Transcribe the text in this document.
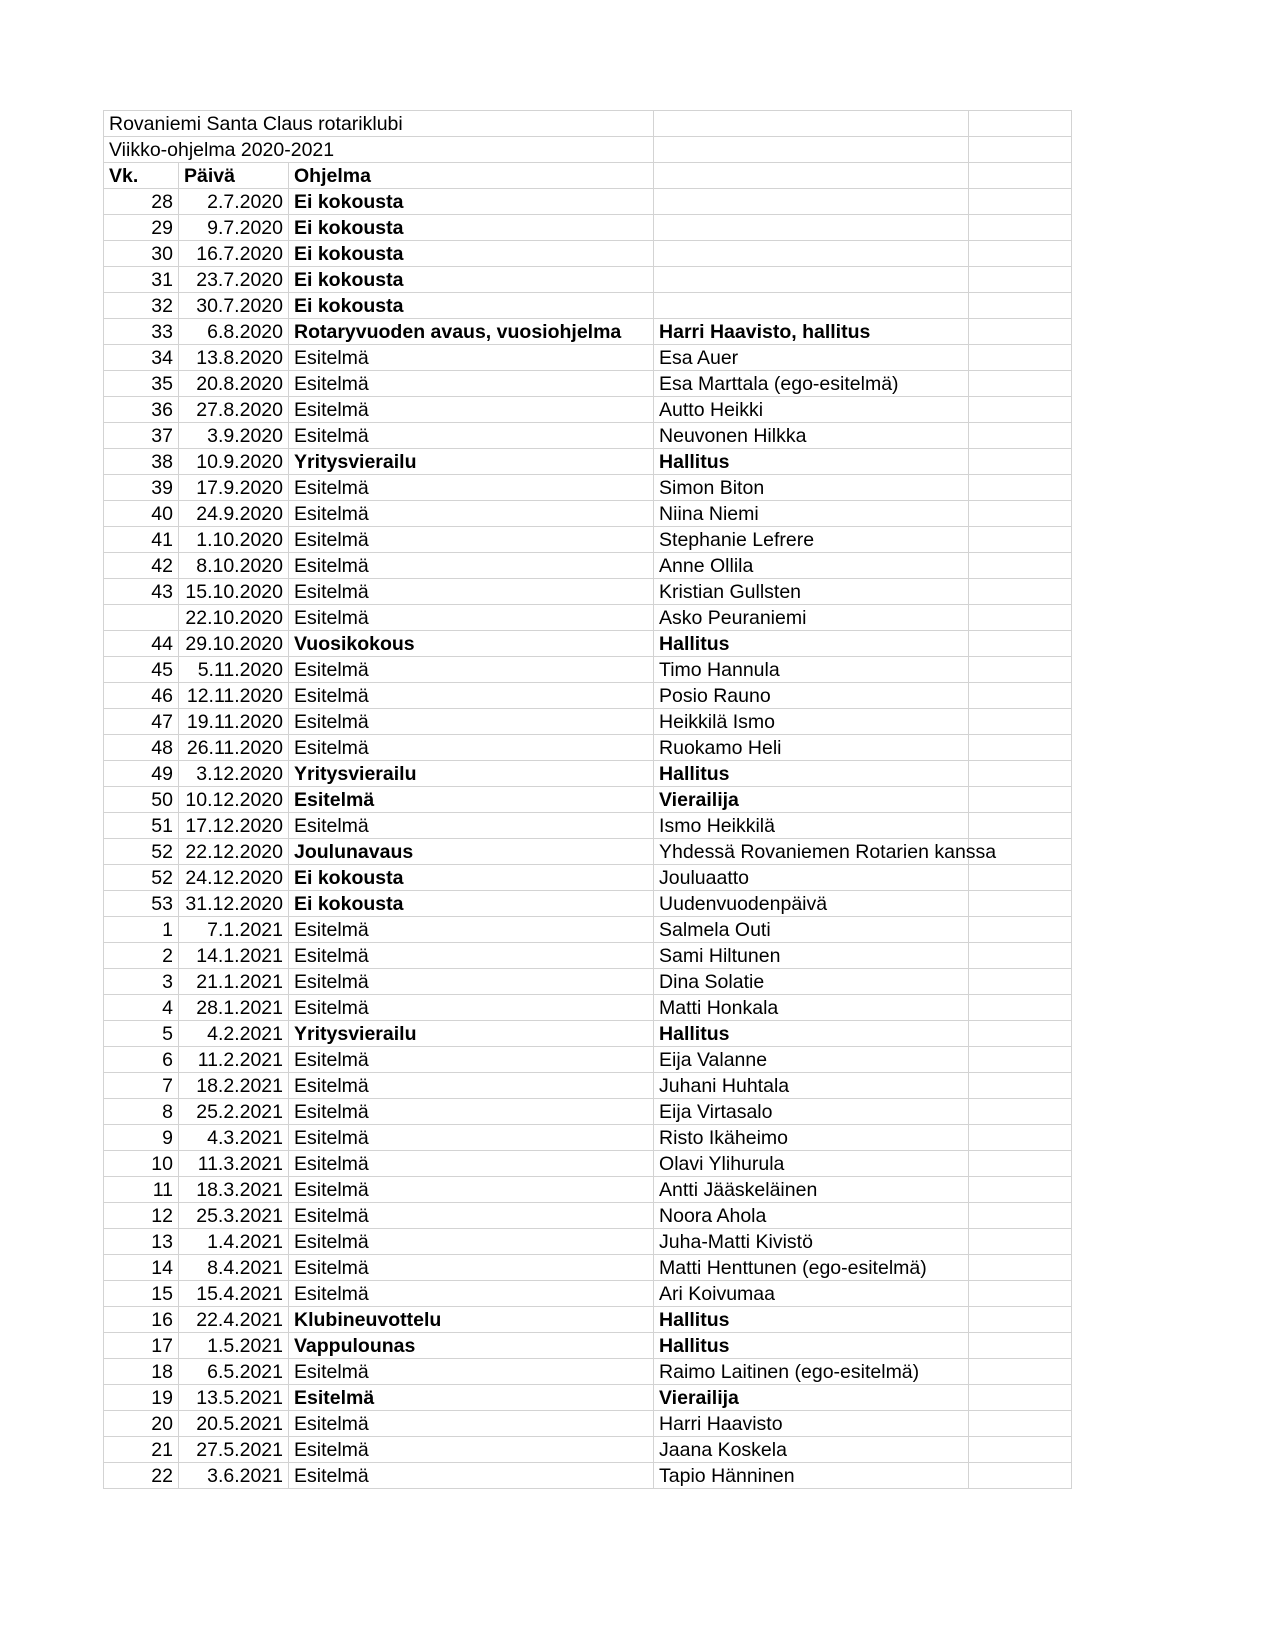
Rovaniemi Santa Claus rotariklubi				
Viikko-ohjelma 2020-2021				
Vk.	Päivä	Ohjelma		
28	2.7.2020	Ei kokousta		
29	9.7.2020	Ei kokousta		
30	16.7.2020	Ei kokousta		
31	23.7.2020	Ei kokousta		
32	30.7.2020	Ei kokousta		
33	6.8.2020	Rotaryvuoden avaus, vuosiohjelma	Harri Haavisto, hallitus	
34	13.8.2020	Esitelmä	Esa Auer	
35	20.8.2020	Esitelmä	Esa Marttala (ego-esitelmä)	
36	27.8.2020	Esitelmä	Autto Heikki	
37	3.9.2020	Esitelmä	Neuvonen Hilkka	
38	10.9.2020	Yritysvierailu	Hallitus	
39	17.9.2020	Esitelmä	Simon Biton	
40	24.9.2020	Esitelmä	Niina Niemi	
41	1.10.2020	Esitelmä	Stephanie Lefrere	
42	8.10.2020	Esitelmä	Anne Ollila	
43	15.10.2020	Esitelmä	Kristian Gullsten	
	22.10.2020	Esitelmä	Asko Peuraniemi	
44	29.10.2020	Vuosikokous	Hallitus	
45	5.11.2020	Esitelmä	Timo Hannula	
46	12.11.2020	Esitelmä	Posio Rauno	
47	19.11.2020	Esitelmä	Heikkilä Ismo	
48	26.11.2020	Esitelmä	Ruokamo Heli	
49	3.12.2020	Yritysvierailu	Hallitus	
50	10.12.2020	Esitelmä	Vierailija	
51	17.12.2020	Esitelmä	Ismo Heikkilä	
52	22.12.2020	Joulunavaus	Yhdessä Rovaniemen Rotarien kanssa	
52	24.12.2020	Ei kokousta	Jouluaatto	
53	31.12.2020	Ei kokousta	Uudenvuodenpäivä	
1	7.1.2021	Esitelmä	Salmela Outi	
2	14.1.2021	Esitelmä	Sami Hiltunen	
3	21.1.2021	Esitelmä	Dina Solatie	
4	28.1.2021	Esitelmä	Matti Honkala	
5	4.2.2021	Yritysvierailu	Hallitus	
6	11.2.2021	Esitelmä	Eija Valanne	
7	18.2.2021	Esitelmä	Juhani Huhtala	
8	25.2.2021	Esitelmä	Eija Virtasalo	
9	4.3.2021	Esitelmä	Risto Ikäheimo	
10	11.3.2021	Esitelmä	Olavi Ylihurula	
11	18.3.2021	Esitelmä	Antti Jääskeläinen	
12	25.3.2021	Esitelmä	Noora Ahola	
13	1.4.2021	Esitelmä	Juha-Matti Kivistö	
14	8.4.2021	Esitelmä	Matti Henttunen (ego-esitelmä)	
15	15.4.2021	Esitelmä	Ari Koivumaa	
16	22.4.2021	Klubineuvottelu	Hallitus	
17	1.5.2021	Vappulounas	Hallitus	
18	6.5.2021	Esitelmä	Raimo Laitinen (ego-esitelmä)	
19	13.5.2021	Esitelmä	Vierailija	
20	20.5.2021	Esitelmä	Harri Haavisto	
21	27.5.2021	Esitelmä	Jaana Koskela	
22	3.6.2021	Esitelmä	Tapio Hänninen	
